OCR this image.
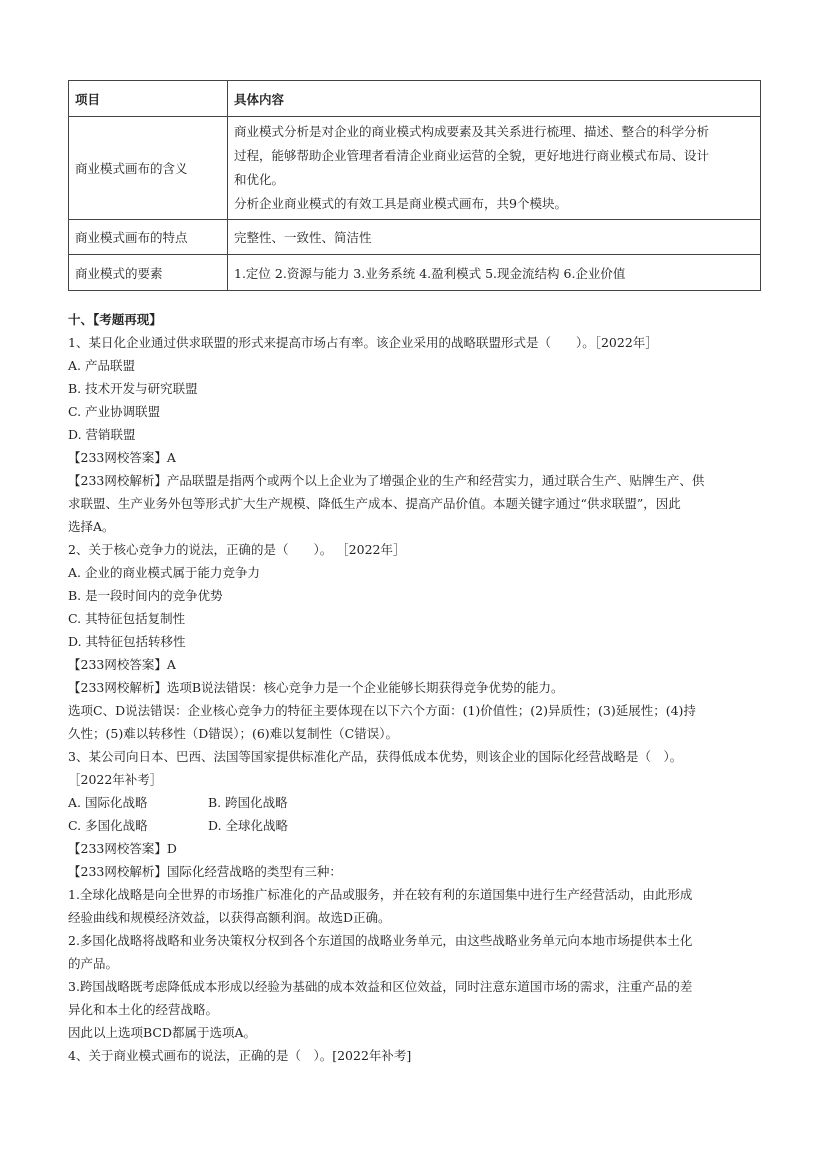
项目	具体内容
商业模式画布的含义	商业模式分析是对企业的商业模式构成要素及其关系进行梳理、描述、整合的科学分析
过程，能够帮助企业管理者看清企业商业运营的全貌，更好地进行商业模式布局、设计
和优化。
分析企业商业模式的有效工具是商业模式画布，共9个模块。

商业模式画布的特点	完整性、一致性、简洁性
商业模式的要素	1.定位 2.资源与能力 3.业务系统 4.盈利模式 5.现金流结构 6.企业价值
十、【考题再现】
1、某日化企业通过供求联盟的形式来提高市场占有率。该企业采用的战略联盟形式是（　　）。［2022年］
A. 产品联盟
B. 技术开发与研究联盟
C. 产业协调联盟
D. 营销联盟
【233网校答案】A
【233网校解析】产品联盟是指两个或两个以上企业为了增强企业的生产和经营实力，通过联合生产、贴牌生产、供
求联盟、生产业务外包等形式扩大生产规模、降低生产成本、提高产品价值。本题关键字通过“供求联盟”，因此
选择A。
2、关于核心竞争力的说法，正确的是（　　）。 ［2022年］
A. 企业的商业模式属于能力竞争力
B. 是一段时间内的竞争优势
C. 其特征包括复制性
D. 其特征包括转移性
【233网校答案】A
【233网校解析】选项B说法错误：核心竞争力是一个企业能够长期获得竞争优势的能力。
选项C、D说法错误：企业核心竞争力的特征主要体现在以下六个方面：(1)价值性；(2)异质性；(3)延展性；(4)持
久性；(5)难以转移性（D错误）；(6)难以复制性（C错误）。
3、某公司向日本、巴西、法国等国家提供标准化产品，获得低成本优势，则该企业的国际化经营战略是（　）。
［2022年补考］
A. 国际化战略	B. 跨国化战略
C. 多国化战略	D. 全球化战略
【233网校答案】D
【233网校解析】国际化经营战略的类型有三种：
1.全球化战略是向全世界的市场推广标准化的产品或服务，并在较有利的东道国集中进行生产经营活动，由此形成
经验曲线和规模经济效益，以获得高额利润。故选D正确。
2.多国化战略将战略和业务决策权分权到各个东道国的战略业务单元，由这些战略业务单元向本地市场提供本土化
的产品。
3.跨国战略既考虑降低成本形成以经验为基础的成本效益和区位效益，同时注意东道国市场的需求，注重产品的差
异化和本土化的经营战略。
因此以上选项BCD都属于选项A。
4、关于商业模式画布的说法，正确的是（　）。[2022年补考]
